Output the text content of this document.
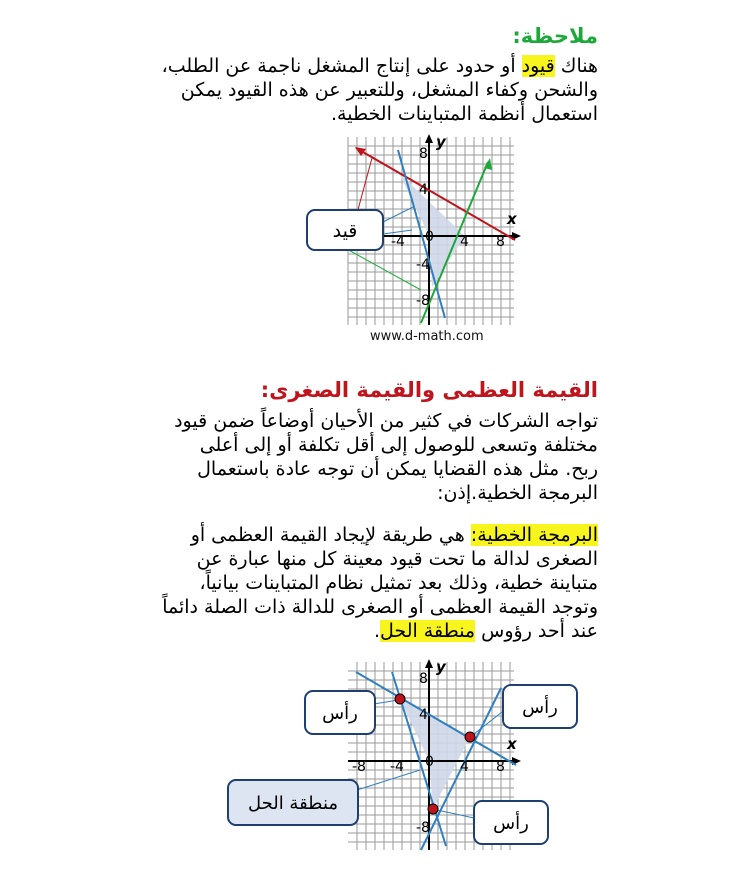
ملاحظة:
هناك قيود أو حدود على إنتاج المشغل ناجمة عن الطلب،
والشحن وكفاء المشغل، وللتعبير عن هذه القيود يمكن
استعمال أنظمة المتباينات الخطية.
قيد
y
x
8
4
-4
-8
-4	4 8
0
www.d-math.com
القيمة العظمى والقيمة الصغرى:
تواجه الشركات في كثير من الأحيان أوضاعاً ضمن قيود
مختلفة وتسعى للوصول إلى أقل تكلفة أو إلى أعلى
ربح. مثل هذه القضايا يمكن أن توجه عادة باستعمال
البرمجة الخطية.إذن:
البرمجة الخطية: هي طريقة لإيجاد القيمة العظمى أو
الصغرى لدالة ما تحت قيود معينة كل منها عبارة عن
متباينة خطية، وذلك بعد تمثيل نظام المتباينات بيانياً،
وتوجد القيمة العظمى أو الصغرى للدالة ذات الصلة دائماً
عند أحد رؤوس منطقة الحل.
رأس	رأس
رأس
منطقة الحل
y
x
8
4
-8
-8 -4	4 8
0
